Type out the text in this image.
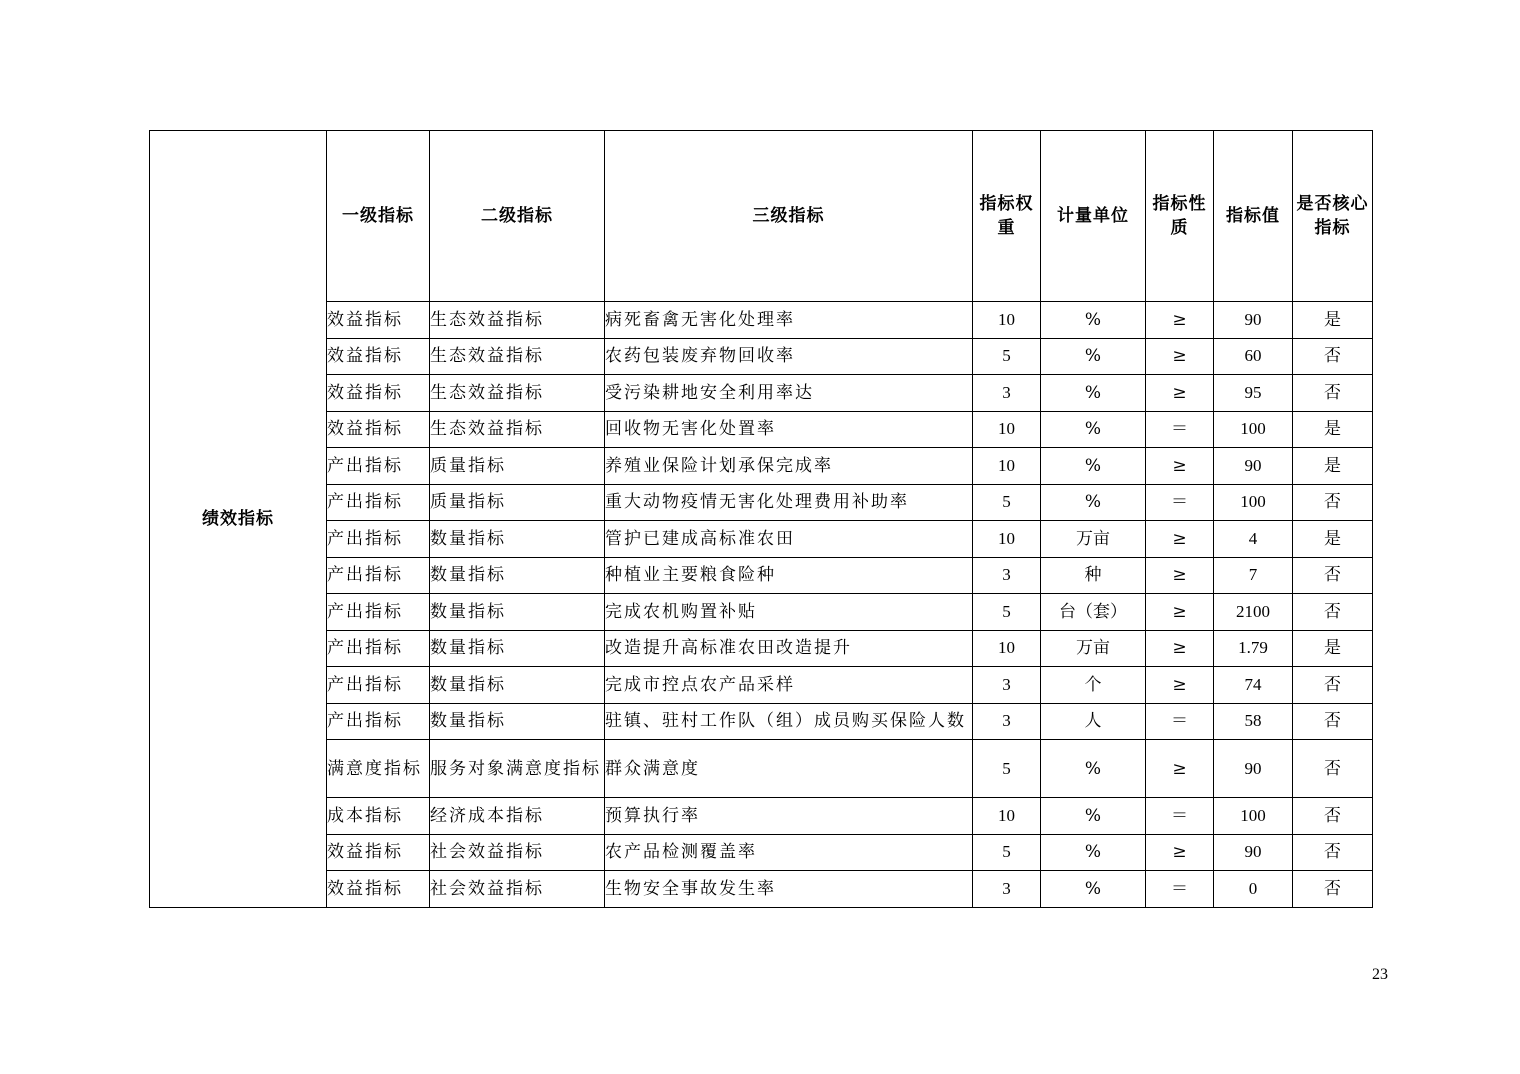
绩效指标	一级指标	二级指标	三级指标	指标权重	计量单位	指标性质	指标值	是否核心指标
	效益指标	生态效益指标	病死畜禽无害化处理率	10	%	≥	90	是
	效益指标	生态效益指标	农药包装废弃物回收率	5	%	≥	60	否
	效益指标	生态效益指标	受污染耕地安全利用率达	3	%	≥	95	否
	效益指标	生态效益指标	回收物无害化处置率	10	%	＝	100	是
	产出指标	质量指标	养殖业保险计划承保完成率	10	%	≥	90	是
	产出指标	质量指标	重大动物疫情无害化处理费用补助率	5	%	＝	100	否
	产出指标	数量指标	管护已建成高标准农田	10	万亩	≥	4	是
	产出指标	数量指标	种植业主要粮食险种	3	种	≥	7	否
	产出指标	数量指标	完成农机购置补贴	5	台（套）	≥	2100	否
	产出指标	数量指标	改造提升高标准农田改造提升	10	万亩	≥	1.79	是
	产出指标	数量指标	完成市控点农产品采样	3	个	≥	74	否
	产出指标	数量指标	驻镇、驻村工作队（组）成员购买保险人数	3	人	＝	58	否
	满意度指标	服务对象满意度指标	群众满意度	5	%	≥	90	否
	成本指标	经济成本指标	预算执行率	10	%	＝	100	否
	效益指标	社会效益指标	农产品检测覆盖率	5	%	≥	90	否
	效益指标	社会效益指标	生物安全事故发生率	3	%	＝	0	否
23
